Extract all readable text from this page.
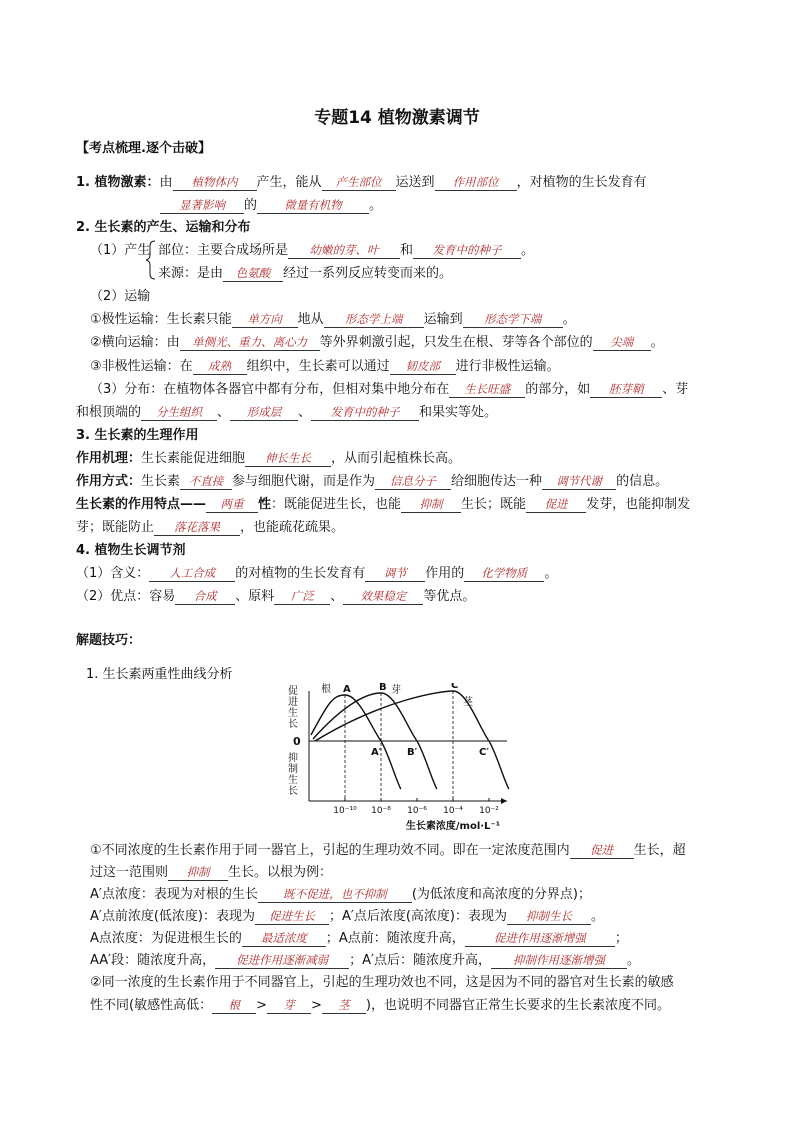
专题14 植物激素调节
【考点梳理.逐个击破】
1. 植物激素：由 植物体内 产生，能从 产生部位 运送到 作用部位 ，对植物的生长发育有
显著影响 的 微量有机物 。
2. 生长素的产生、运输和分布
（1）产生 部位：主要合成场所是 幼嫩的芽、叶 和 发育中的种子 。
来源：是由 色氨酸 经过一系列反应转变而来的。
（2）运输
①极性运输：生长素只能 单方向 地从 形态学上端 运输到 形态学下端 。
②横向运输：由 单侧光、重力、离心力 等外界刺激引起，只发生在根、芽等各个部位的 尖端 。
③非极性运输：在 成熟 组织中，生长素可以通过 韧皮部 进行非极性运输。
（3）分布：在植物体各器官中都有分布，但相对集中地分布在 生长旺盛 的部分，如 胚芽鞘 、芽
和根顶端的 分生组织 、 形成层 、 发育中的种子 和果实等处。
3. 生长素的生理作用
作用机理：生长素能促进细胞 伸长生长 ，从而引起植株长高。
作用方式：生长素 不直接 参与细胞代谢，而是作为 信息分子 给细胞传达一种 调节代谢 的信息。
生长素的作用特点—— 两重 性：既能促进生长，也能 抑制 生长；既能 促进 发芽，也能抑制发
芽；既能防止 落花落果 ，也能疏花疏果。
4. 植物生长调节剂
（1）含义： 人工合成 的对植物的生长发育有 调节 作用的 化学物质 。
（2）优点：容易 合成 、原料 广泛 、 效果稳定 等优点。
解题技巧：
1. 生长素两重性曲线分析
促进生长
抑制生长
0
10⁻¹⁰ 10⁻⁸ 10⁻⁶ 10⁻⁴ 10⁻²
生长素浓度/mol·L⁻¹
A
A′
根	B
B′
芽	C
C′
茎
①不同浓度的生长素作用于同一器官上，引起的生理功效不同。即在一定浓度范围内 促进 生长，超
过这一范围则 抑制 生长。以根为例：
A′点浓度：表现为对根的生长 既不促进，也不抑制 (为低浓度和高浓度的分界点)；
A′点前浓度(低浓度)：表现为 促进生长 ；A′点后浓度(高浓度)：表现为 抑制生长 。
A点浓度：为促进根生长的 最适浓度 ；A点前：随浓度升高，	促进作用逐渐增强 ；
AA′段：随浓度升高， 促进作用逐渐减弱 ；A′点后：随浓度升高， 抑制作用逐渐增强 。
②同一浓度的生长素作用于不同器官上，引起的生理功效也不同，这是因为不同的器官对生长素的敏感
性不同(敏感性高低： 根 > 芽 > 茎 )，也说明不同器官正常生长要求的生长素浓度不同。
